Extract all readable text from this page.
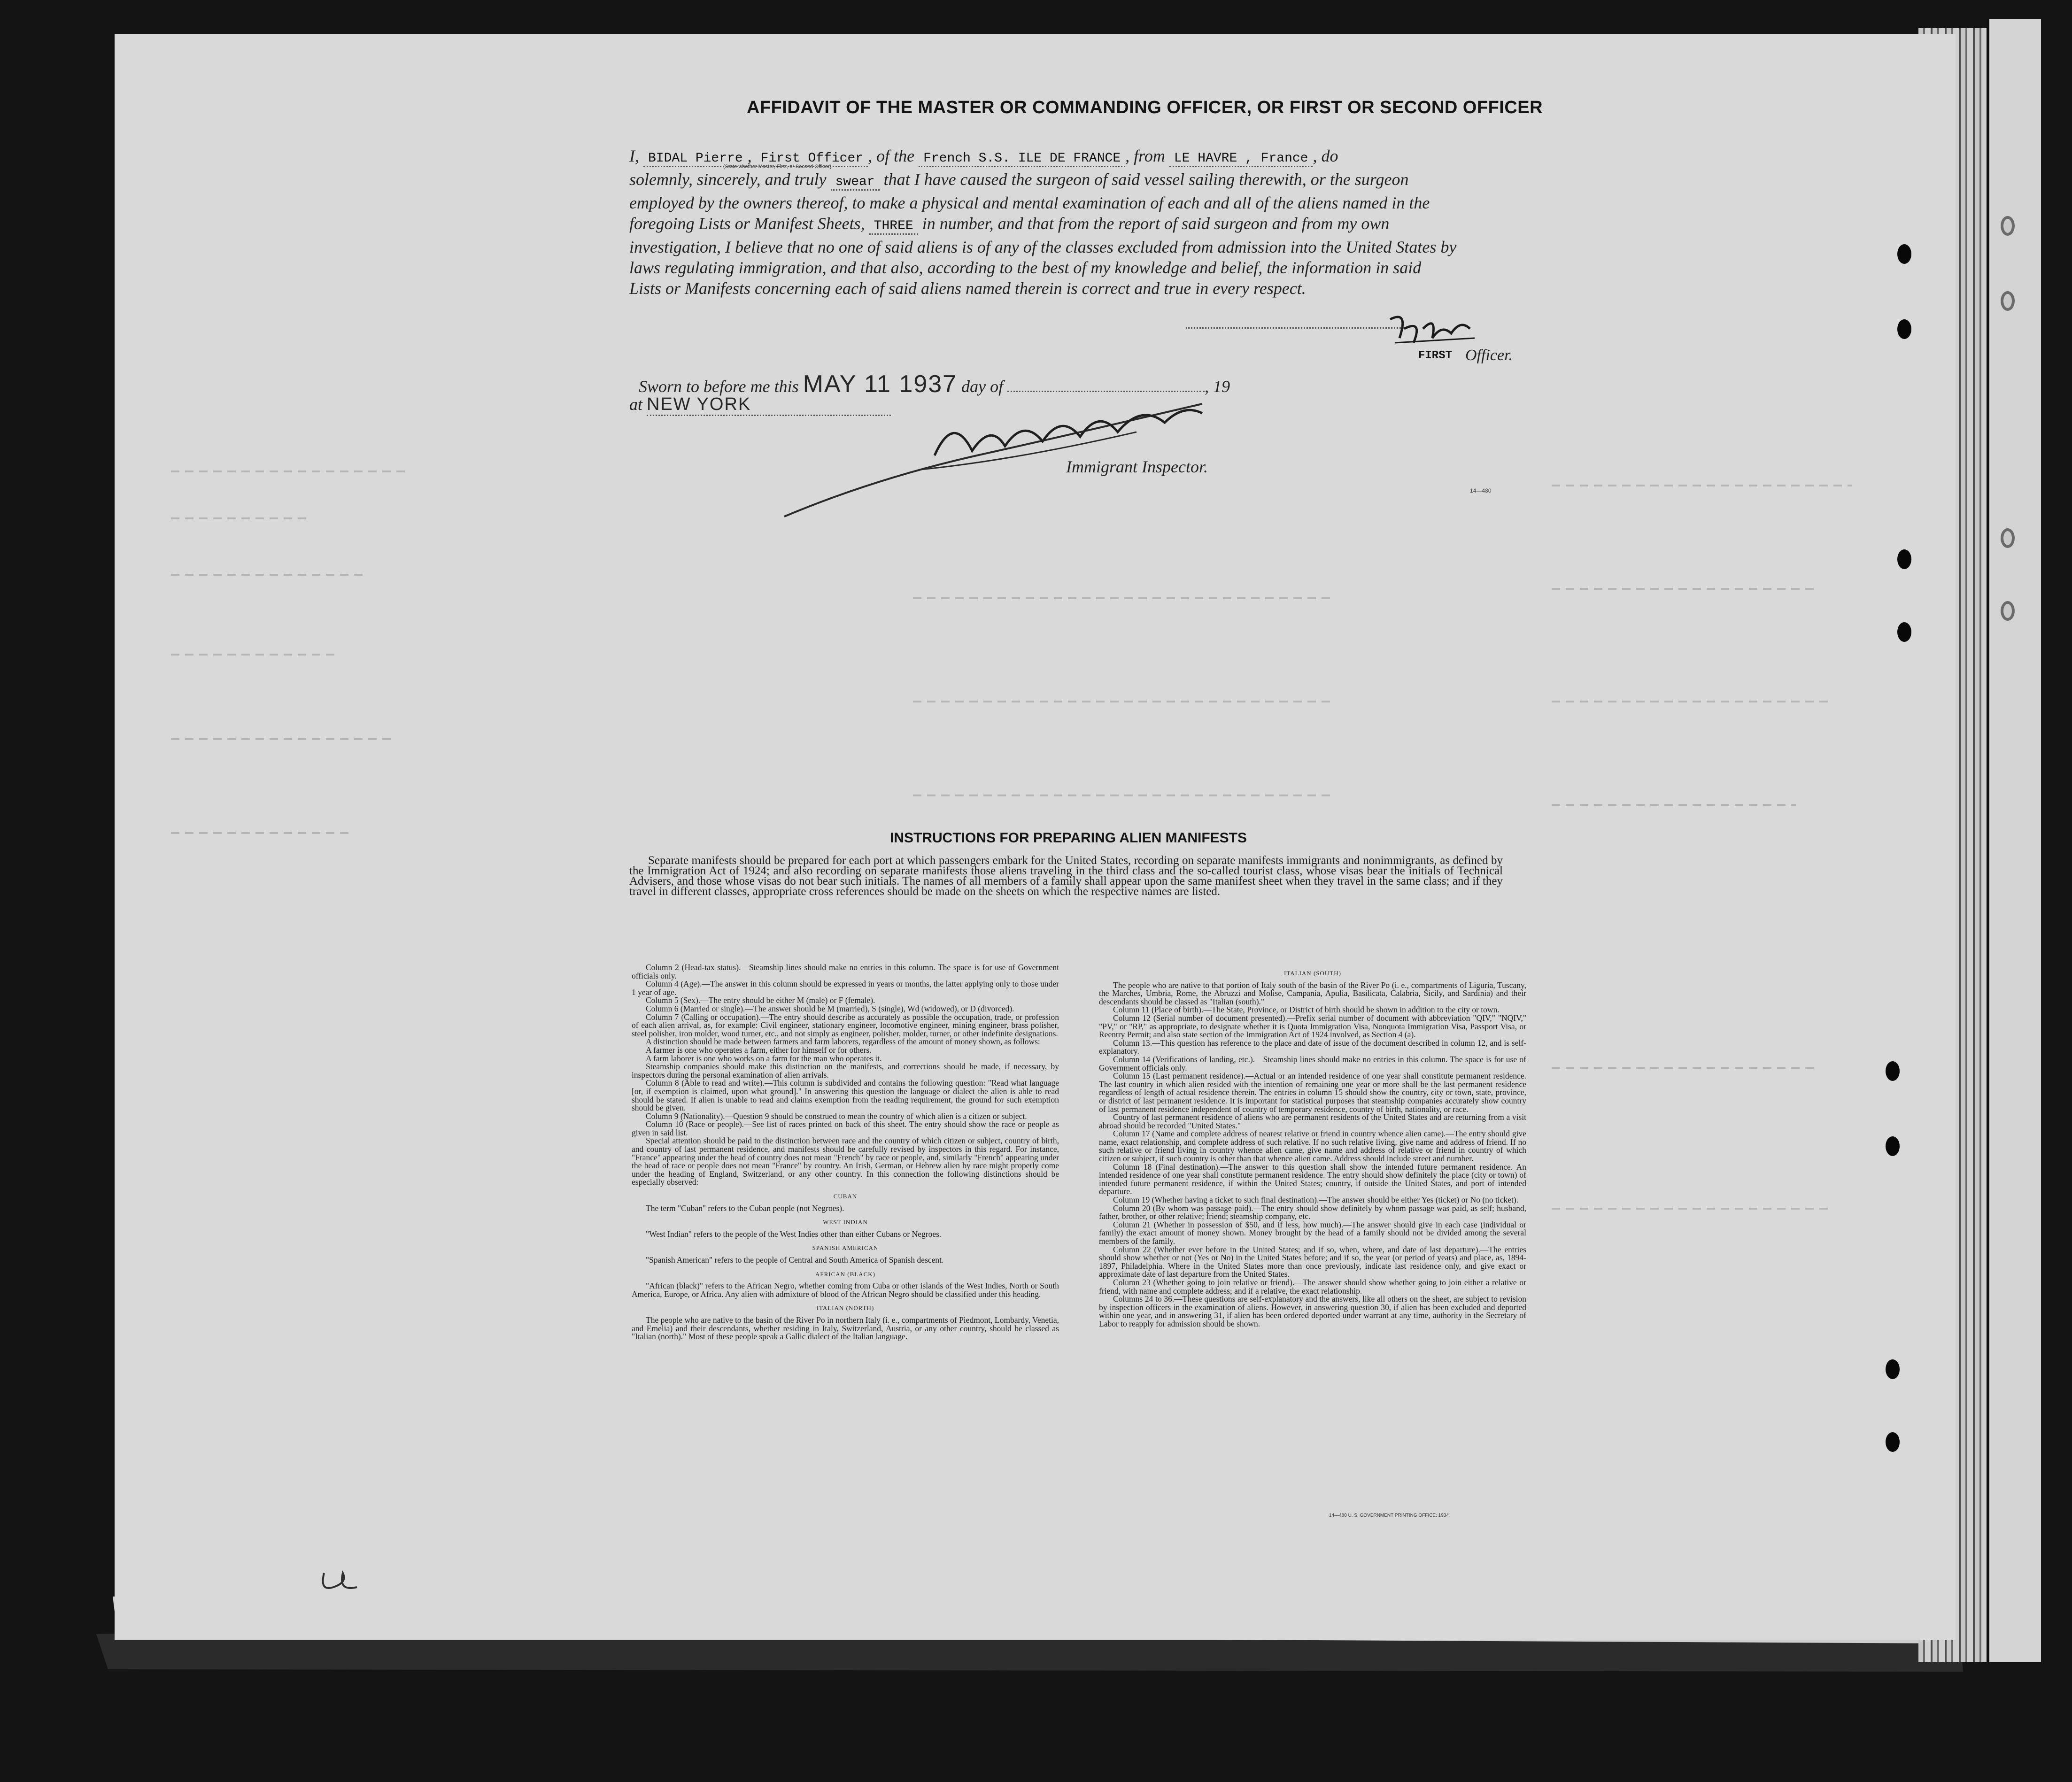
AFFIDAVIT OF THE MASTER OR COMMANDING OFFICER, OR FIRST OR SECOND OFFICER
I, BIDAL Pierre , First Officer , of the French S.S. ILE DE FRANCE , from LE HAVRE , France , do
solemnly, sincerely, and truly swear that I have caused the surgeon of said vessel sailing therewith, or the surgeon
employed by the owners thereof, to make a physical and mental examination of each and all of the aliens named in the
foregoing Lists or Manifest Sheets, THREE in number, and that from the report of said surgeon and from my own
investigation, I believe that no one of said aliens is of any of the classes excluded from admission into the United States by
laws regulating immigration, and that also, according to the best of my knowledge and belief, the information in said
Lists or Manifests concerning each of said aliens named therein is correct and true in every respect.
(State whether Master, First, or Second Officer)
FIRST Officer.
Sworn to before me this MAY 11 1937 day of	, 19
at NEW YORK
Immigrant Inspector.
14—480
INSTRUCTIONS FOR PREPARING ALIEN MANIFESTS

Separate manifests should be prepared for each port at which passengers embark for the United States, recording on separate manifests immigrants and nonimmigrants, as defined by the Immigration Act of 1924; and also recording on separate manifests those aliens traveling in the third class and the so-called tourist class, whose visas bear the initials of Technical Advisers, and those whose visas do not bear such initials. The names of all members of a family shall appear upon the same manifest sheet when they travel in the same class; and if they travel in different classes, appropriate cross references should be made on the sheets on which the respective names are listed.

Column 2 (Head-tax status).—Steamship lines should make no entries in this column. The space is for use of Government officials only.

Column 4 (Age).—The answer in this column should be expressed in years or months, the latter applying only to those under 1 year of age.

Column 5 (Sex).—The entry should be either M (male) or F (female).

Column 6 (Married or single).—The answer should be M (married), S (single), Wd (widowed), or D (divorced).

Column 7 (Calling or occupation).—The entry should describe as accurately as possible the occupation, trade, or profession of each alien arrival, as, for example: Civil engineer, stationary engineer, locomotive engineer, mining engineer, brass polisher, steel polisher, iron molder, wood turner, etc., and not simply as engineer, polisher, molder, turner, or other indefinite designations.

A distinction should be made between farmers and farm laborers, regardless of the amount of money shown, as follows:

A farmer is one who operates a farm, either for himself or for others.

A farm laborer is one who works on a farm for the man who operates it.

Steamship companies should make this distinction on the manifests, and corrections should be made, if necessary, by inspectors during the personal examination of alien arrivals.

Column 8 (Able to read and write).—This column is subdivided and contains the following question: "Read what language [or, if exemption is claimed, upon what ground]." In answering this question the language or dialect the alien is able to read should be stated. If alien is unable to read and claims exemption from the reading requirement, the ground for such exemption should be given.

Column 9 (Nationality).—Question 9 should be construed to mean the country of which alien is a citizen or subject.

Column 10 (Race or people).—See list of races printed on back of this sheet. The entry should show the race or people as given in said list.

Special attention should be paid to the distinction between race and the country of which citizen or subject, country of birth, and country of last permanent residence, and manifests should be carefully revised by inspectors in this regard. For instance, "France" appearing under the head of country does not mean "French" by race or people, and, similarly "French" appearing under the head of race or people does not mean "France" by country. An Irish, German, or Hebrew alien by race might properly come under the heading of England, Switzerland, or any other country. In this connection the following distinctions should be especially observed:

CUBAN

The term "Cuban" refers to the Cuban people (not Negroes).

WEST INDIAN

"West Indian" refers to the people of the West Indies other than either Cubans or Negroes.

SPANISH AMERICAN

"Spanish American" refers to the people of Central and South America of Spanish descent.

AFRICAN (BLACK)

"African (black)" refers to the African Negro, whether coming from Cuba or other islands of the West Indies, North or South America, Europe, or Africa. Any alien with admixture of blood of the African Negro should be classified under this heading.

ITALIAN (NORTH)

The people who are native to the basin of the River Po in northern Italy (i. e., compartments of Piedmont, Lombardy, Venetia, and Emelia) and their descendants, whether residing in Italy, Switzerland, Austria, or any other country, should be classed as "Italian (north)." Most of these people speak a Gallic dialect of the Italian language.

ITALIAN (SOUTH)

The people who are native to that portion of Italy south of the basin of the River Po (i. e., compartments of Liguria, Tuscany, the Marches, Umbria, Rome, the Abruzzi and Molise, Campania, Apulia, Basilicata, Calabria, Sicily, and Sardinia) and their descendants should be classed as "Italian (south)."

Column 11 (Place of birth).—The State, Province, or District of birth should be shown in addition to the city or town.

Column 12 (Serial number of document presented).—Prefix serial number of document with abbreviation "QIV," "NQIV," "PV," or "RP," as appropriate, to designate whether it is Quota Immigration Visa, Nonquota Immigration Visa, Passport Visa, or Reentry Permit; and also state section of the Immigration Act of 1924 involved, as Section 4 (a).

Column 13.—This question has reference to the place and date of issue of the document described in column 12, and is self-explanatory.

Column 14 (Verifications of landing, etc.).—Steamship lines should make no entries in this column. The space is for use of Government officials only.

Column 15 (Last permanent residence).—Actual or an intended residence of one year shall constitute permanent residence. The last country in which alien resided with the intention of remaining one year or more shall be the last permanent residence regardless of length of actual residence therein. The entries in column 15 should show the country, city or town, state, province, or district of last permanent residence. It is important for statistical purposes that steamship companies accurately show country of last permanent residence independent of country of temporary residence, country of birth, nationality, or race.

Country of last permanent residence of aliens who are permanent residents of the United States and are returning from a visit abroad should be recorded "United States."

Column 17 (Name and complete address of nearest relative or friend in country whence alien came).—The entry should give name, exact relationship, and complete address of such relative. If no such relative living, give name and address of friend. If no such relative or friend living in country whence alien came, give name and address of relative or friend in country of which citizen or subject, if such country is other than that whence alien came. Address should include street and number.

Column 18 (Final destination).—The answer to this question shall show the intended future permanent residence. An intended residence of one year shall constitute permanent residence. The entry should show definitely the place (city or town) of intended future permanent residence, if within the United States; country, if outside the United States, and port of intended departure.

Column 19 (Whether having a ticket to such final destination).—The answer should be either Yes (ticket) or No (no ticket).

Column 20 (By whom was passage paid).—The entry should show definitely by whom passage was paid, as self; husband, father, brother, or other relative; friend; steamship company, etc.

Column 21 (Whether in possession of $50, and if less, how much).—The answer should give in each case (individual or family) the exact amount of money shown. Money brought by the head of a family should not be divided among the several members of the family.

Column 22 (Whether ever before in the United States; and if so, when, where, and date of last departure).—The entries should show whether or not (Yes or No) in the United States before; and if so, the year (or period of years) and place, as, 1894-1897, Philadelphia. Where in the United States more than once previously, indicate last residence only, and give exact or approximate date of last departure from the United States.

Column 23 (Whether going to join relative or friend).—The answer should show whether going to join either a relative or friend, with name and complete address; and if a relative, the exact relationship.

Columns 24 to 36.—These questions are self-explanatory and the answers, like all others on the sheet, are subject to revision by inspection officers in the examination of aliens. However, in answering question 30, if alien has been excluded and deported within one year, and in answering 31, if alien has been ordered deported under warrant at any time, authority in the Secretary of Labor to reapply for admission should be shown.

14—480 U. S. GOVERNMENT PRINTING OFFICE: 1934
